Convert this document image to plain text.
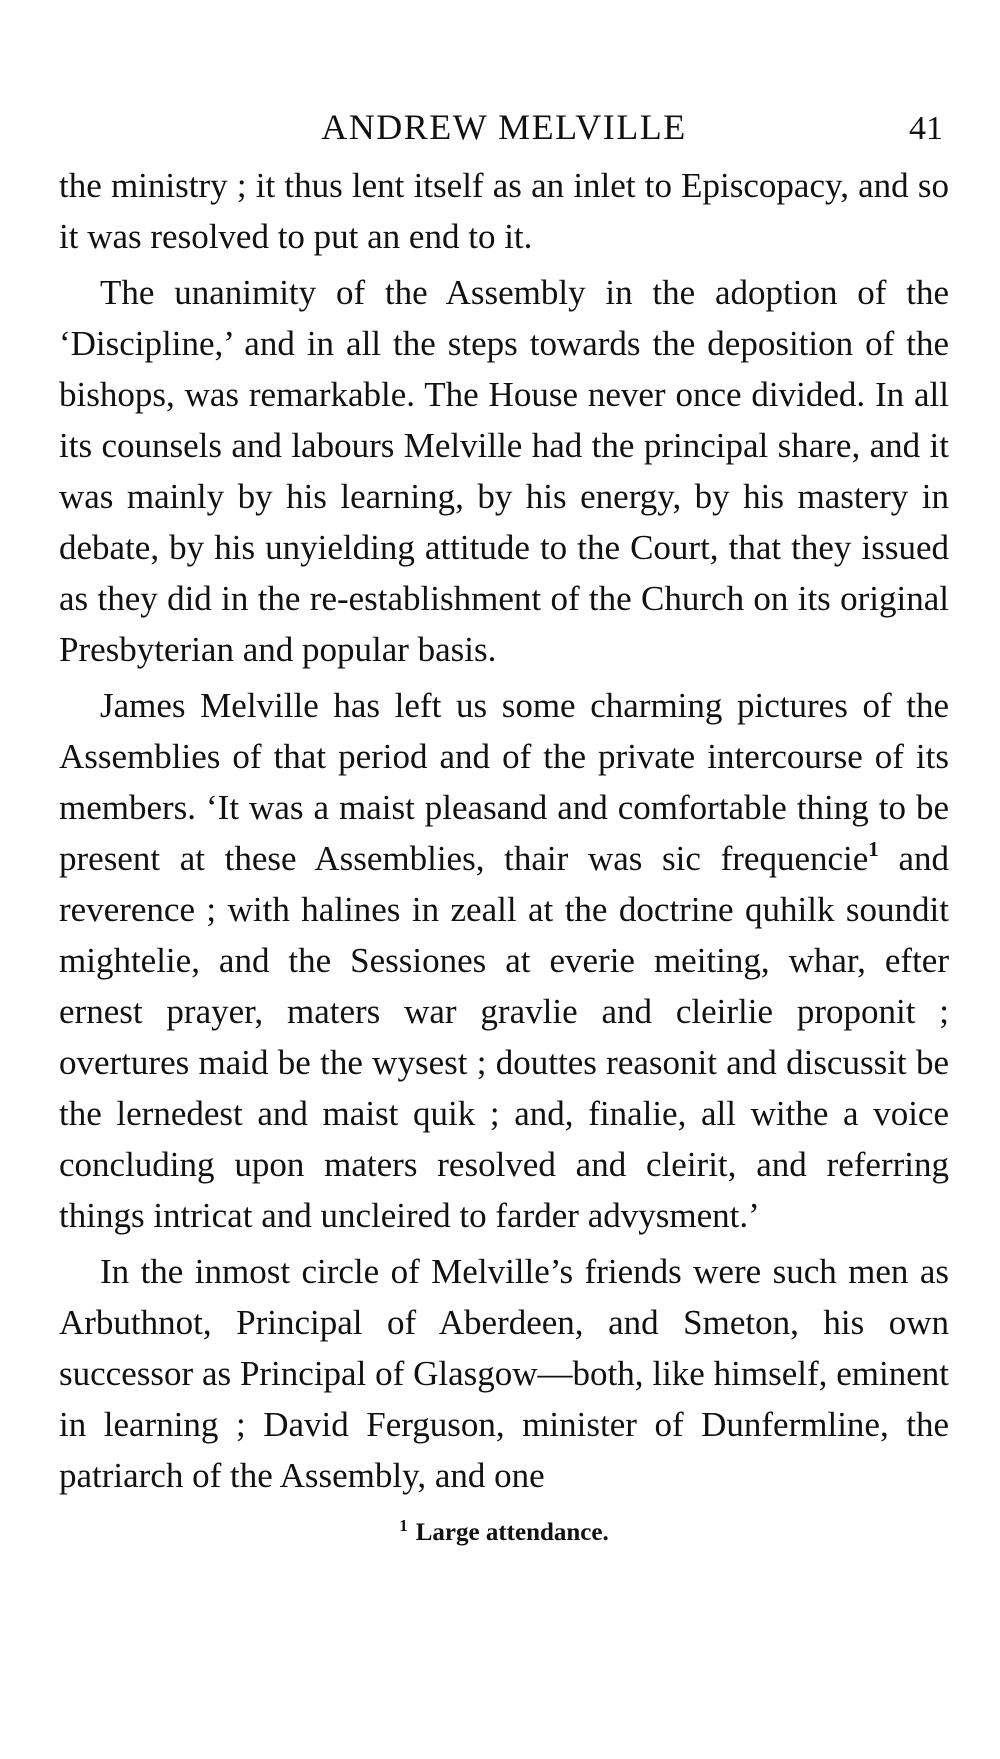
ANDREW MELVILLE	41

the ministry ; it thus lent itself as an inlet to Episcopacy, and so it was resolved to put an end to it.

The unanimity of the Assembly in the adoption of the ‘Discipline,’ and in all the steps towards the deposition of the bishops, was remarkable. The House never once divided. In all its counsels and labours Melville had the principal share, and it was mainly by his learning, by his energy, by his mastery in debate, by his unyielding attitude to the Court, that they issued as they did in the re-establishment of the Church on its original Presbyterian and popular basis.

James Melville has left us some charming pictures of the Assemblies of that period and of the private intercourse of its members. ‘It was a maist pleasand and comfortable thing to be present at these Assemblies, thair was sic frequencie$^1$ and reverence ; with halines in zeall at the doctrine quhilk soundit mightelie, and the Sessiones at everie meiting, whar, efter ernest prayer, maters war gravlie and cleirlie proponit ; overtures maid be the wysest ; douttes reasonit and discussit be the lernedest and maist quik ; and, finalie, all withe a voice concluding upon maters resolved and cleirit, and referring things intricat and uncleired to farder advysment.’

In the inmost circle of Melville’s friends were such men as Arbuthnot, Principal of Aberdeen, and Smeton, his own successor as Principal of Glasgow—both, like himself, eminent in learning ; David Ferguson, minister of Dunfermline, the patriarch of the Assembly, and one

$^1$ Large attendance.
